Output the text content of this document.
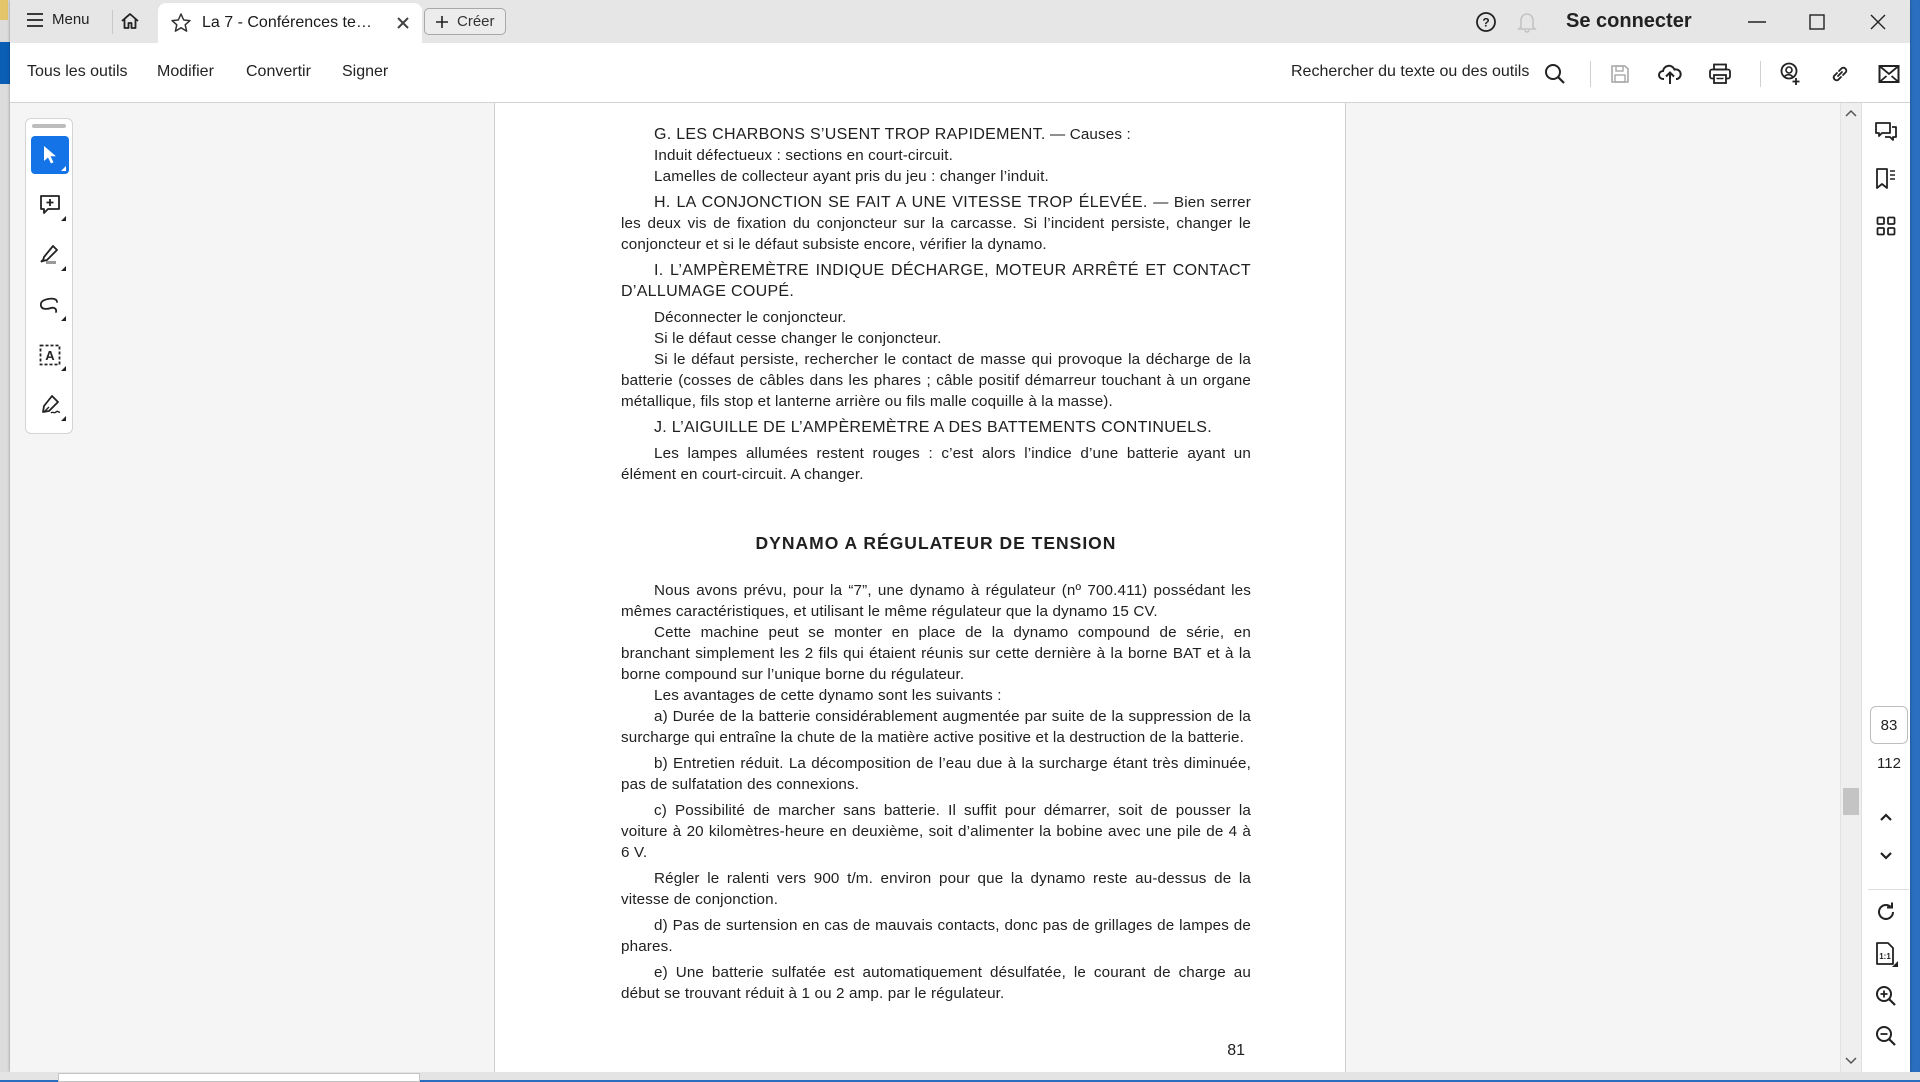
Menu	La 7 - Conférences te…	Créer	?	Se connecter
Tous les outils Modifier Convertir Signer	Rechercher du texte ou des outils
A

G. LES CHARBONS S’USENT TROP RAPIDEMENT. — Causes :

Induit défectueux : sections en court-circuit.

Lamelles de collecteur ayant pris du jeu : changer l’induit.

H. LA CONJONCTION SE FAIT A UNE VITESSE TROP ÉLEVÉE. — Bien serrer les deux vis de fixation du conjoncteur sur la carcasse. Si l’incident persiste, changer le conjoncteur et si le défaut subsiste encore, vérifier la dynamo.

I. L’AMPÈREMÈTRE INDIQUE DÉCHARGE, MOTEUR ARRÊTÉ ET CONTACT D’ALLUMAGE COUPÉ.

Déconnecter le conjoncteur.

Si le défaut cesse changer le conjoncteur.

Si le défaut persiste, rechercher le contact de masse qui provoque la décharge de la batterie (cosses de câbles dans les phares ; câble positif démarreur touchant à un organe métallique, fils stop et lanterne arrière ou fils malle coquille à la masse).

J. L’AIGUILLE DE L’AMPÈREMÈTRE A DES BATTEMENTS CONTINUELS.

Les lampes allumées restent rouges : c’est alors l’indice d’une batterie ayant un élément en court-circuit. A changer.

DYNAMO A RÉGULATEUR DE TENSION

Nous avons prévu, pour la “7”, une dynamo à régulateur (nº 700.411) possédant les mêmes caractéristiques, et utilisant le même régulateur que la dynamo 15 CV.

Cette machine peut se monter en place de la dynamo compound de série, en branchant simplement les 2 fils qui étaient réunis sur cette dernière à la borne BAT et à la borne compound sur l’unique borne du régulateur.

Les avantages de cette dynamo sont les suivants :

a) Durée de la batterie considérablement augmentée par suite de la suppression de la surcharge qui entraîne la chute de la matière active positive et la destruction de la batterie.

b) Entretien réduit. La décomposition de l’eau due à la surcharge étant très diminuée, pas de sulfatation des connexions.

c) Possibilité de marcher sans batterie. Il suffit pour démarrer, soit de pousser la voiture à 20 kilomètres-heure en deuxième, soit d’alimenter la bobine avec une pile de 4 à 6 V.

Régler le ralenti vers 900 t/m. environ pour que la dynamo reste au-dessus de la vitesse de conjonction.

d) Pas de surtension en cas de mauvais contacts, donc pas de grillages de lampes de phares.

e) Une batterie sulfatée est automatiquement désulfatée, le courant de charge au début se trouvant réduit à 1 ou 2 amp. par le régulateur.

81
83
112
1:1
